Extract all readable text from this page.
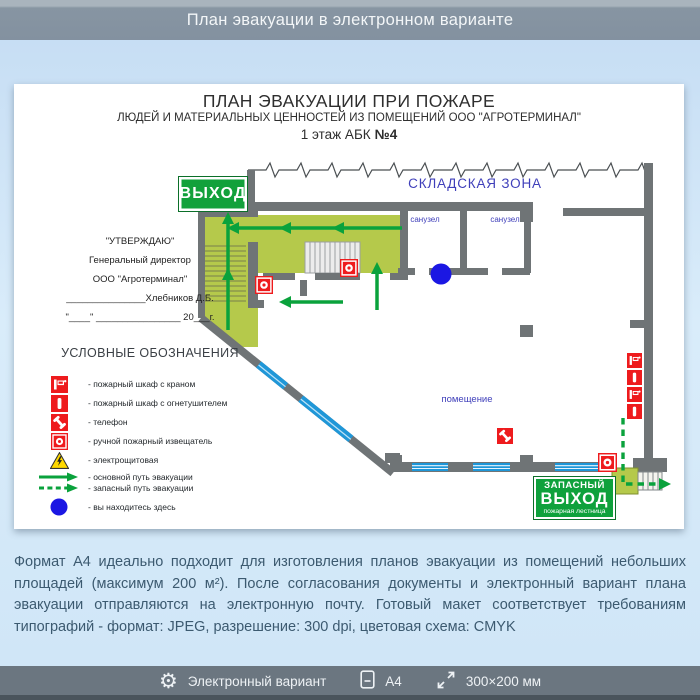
План эвакуации в электронном варианте
ПЛАН ЭВАКУАЦИИ ПРИ ПОЖАРЕ
ЛЮДЕЙ И МАТЕРИАЛЬНЫХ ЦЕННОСТЕЙ ИЗ ПОМЕЩЕНИЙ ООО "АГРОТЕРМИНАЛ"
1 этаж АБК №4
ВЫХОД
ЗАПАСНЫЙ
ВЫХОД
пожарная лестница
СКЛАДСКАЯ ЗОНА
санузел	санузел
помещение
"УТВЕРЖДАЮ"
Генеральный директор
ООО "Агротерминал"
_______________Хлебников Д.Б.
"____" ________________ 20___г.
УСЛОВНЫЕ ОБОЗНАЧЕНИЯ
- пожарный шкаф с краном
- пожарный шкаф с огнетушителем
- телефон
- ручной пожарный извещатель
- электрощитовая
- основной путь эвакуации
- запасный путь эвакуации
- вы находитесь здесь
Формат А4 идеально подходит для изготовления планов эвакуации из помещений небольших площадей (максимум 200 м²). После согласования документы и электронный вариант плана эвакуации отправляются на электронную почту. Готовый макет соответствует требованиям типографий - формат: JPEG, разрешение: 300 dpi, цветовая схема: CMYK
⚙ Электронный вариант	A4	300×200 мм
